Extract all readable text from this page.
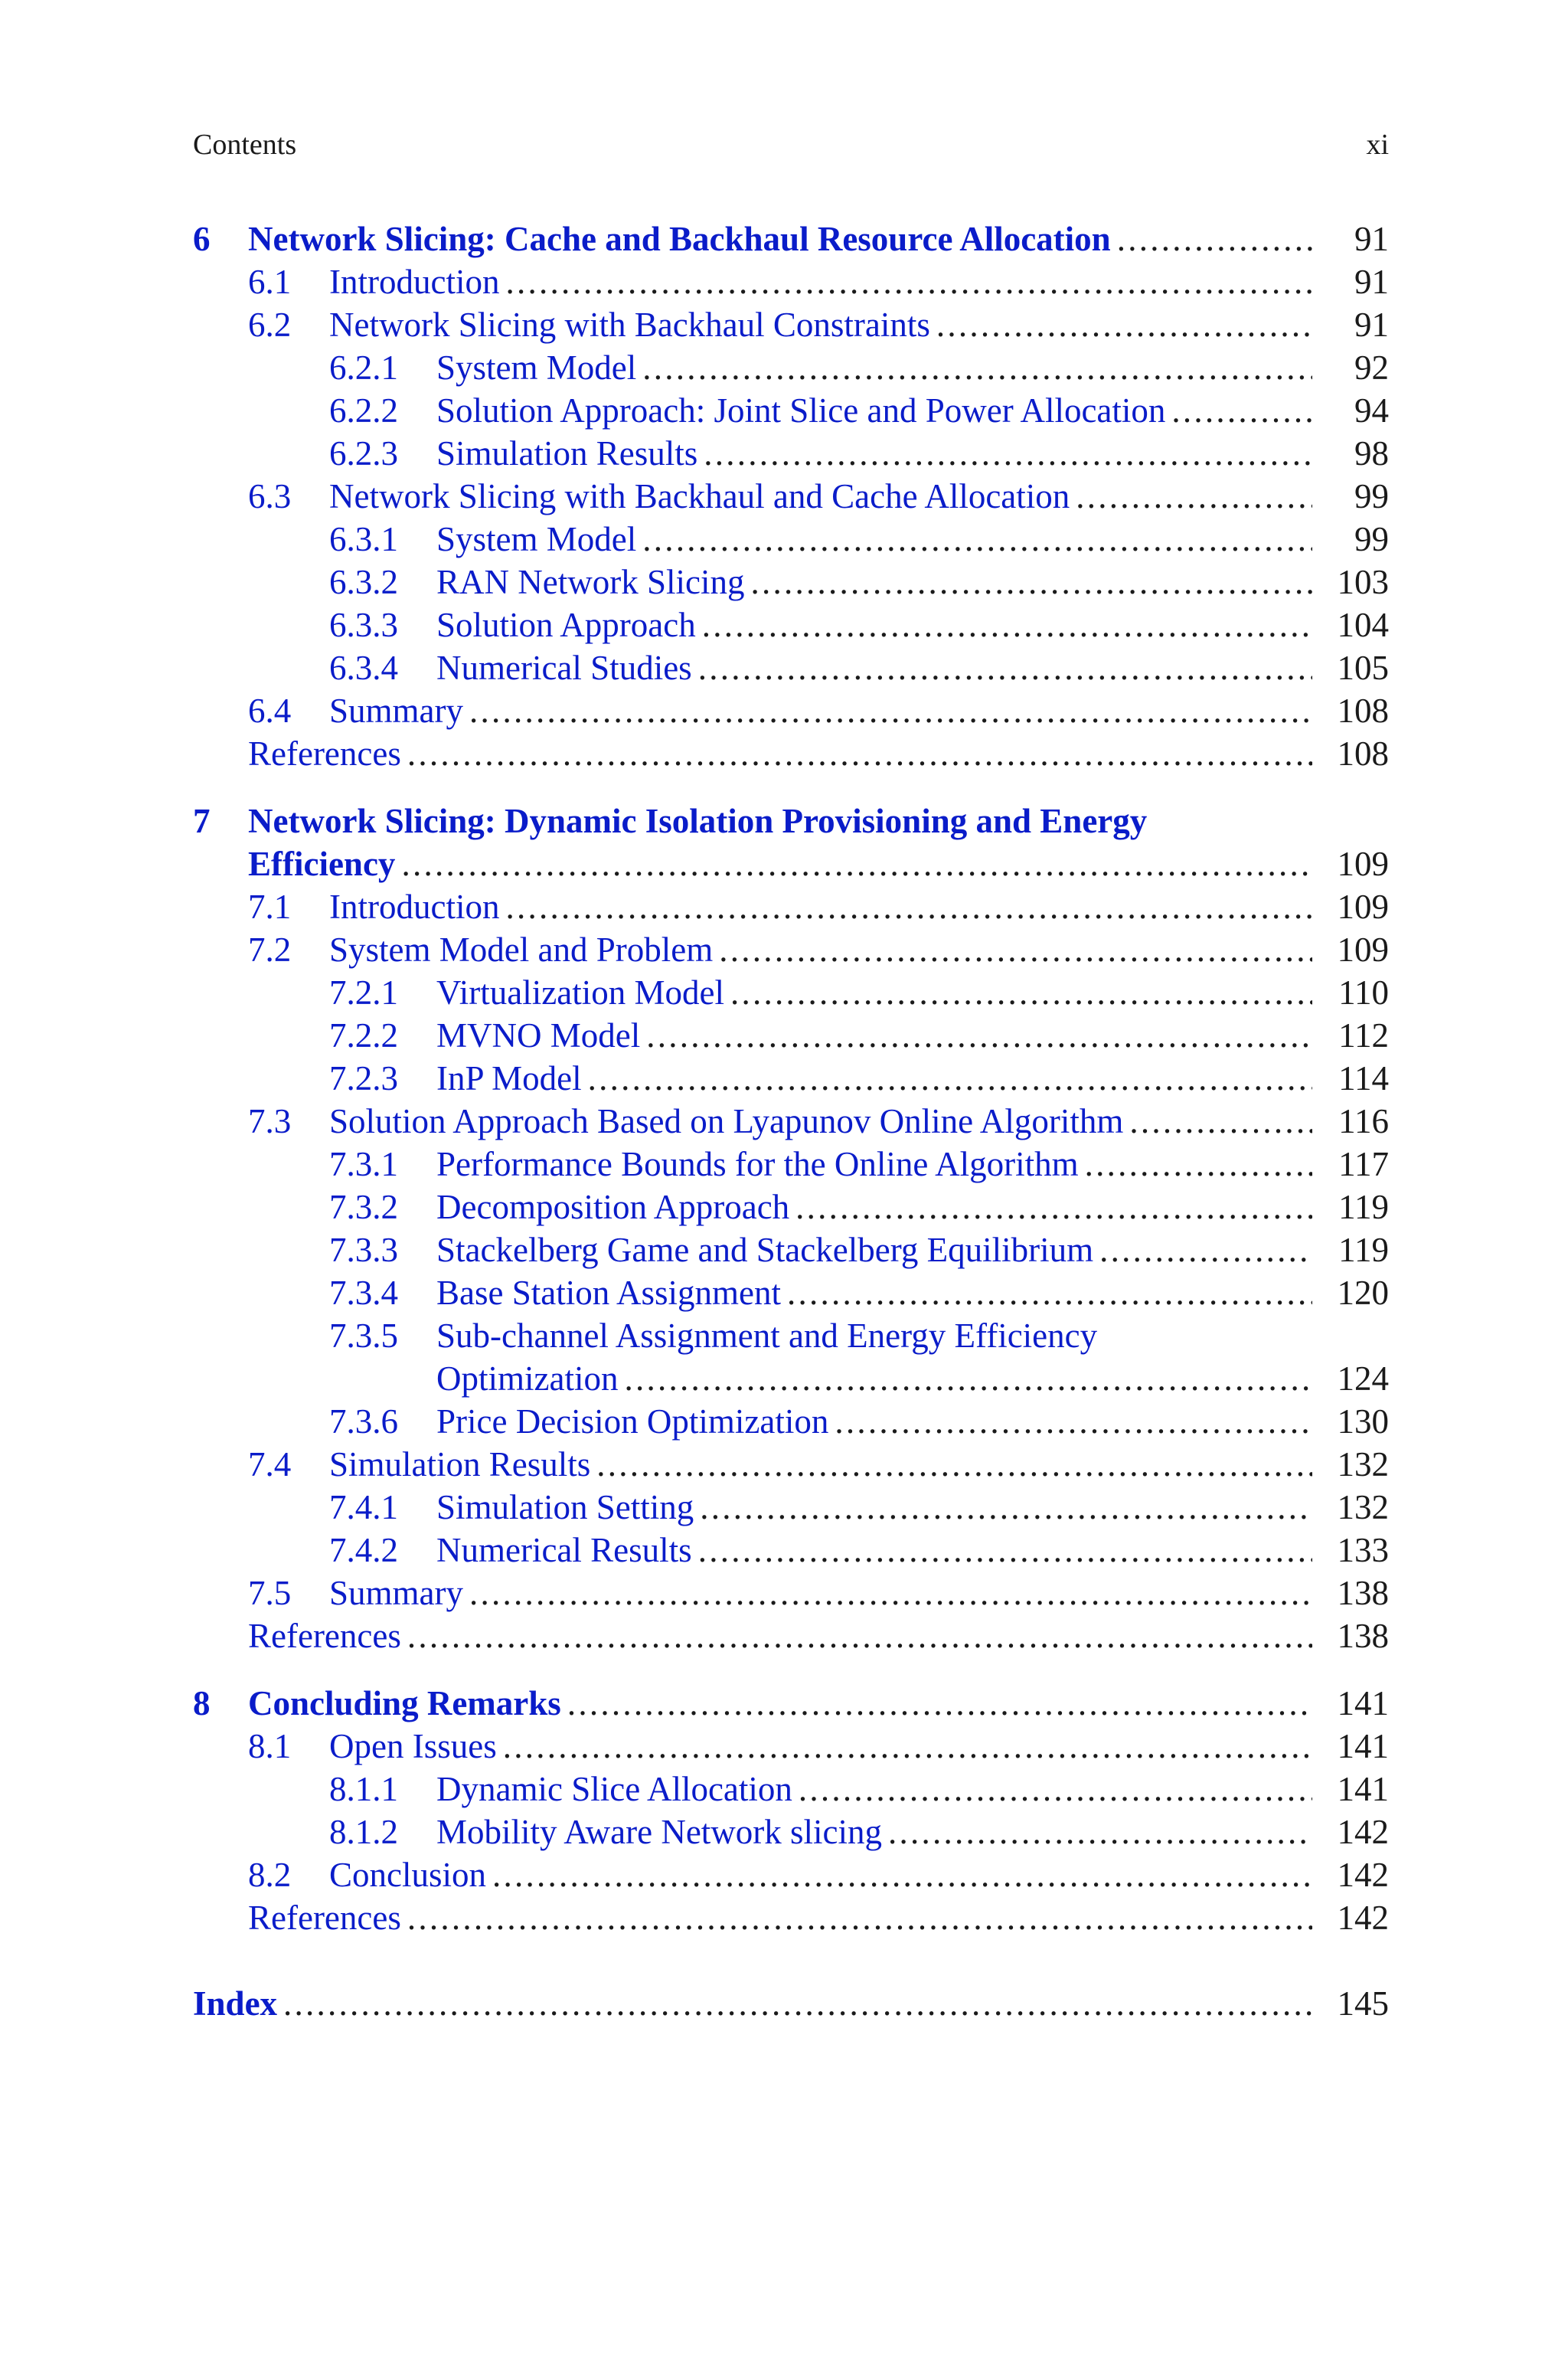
Contents	xi
6 Network Slicing: Cache and Backhaul Resource Allocation . . .	91
6.1 Introduction . . .	91
6.2 Network Slicing with Backhaul Constraints . . .	91
6.2.1 System Model . . .	92
6.2.2 Solution Approach: Joint Slice and Power Allocation . . .	94
6.2.3 Simulation Results . . .	98
6.3 Network Slicing with Backhaul and Cache Allocation . . .	99
6.3.1 System Model . . .	99
6.3.2 RAN Network Slicing . . .	103
6.3.3 Solution Approach . . .	104
6.3.4 Numerical Studies . . .	105
6.4 Summary . . .	108
References . . .	108
7 Network Slicing: Dynamic Isolation Provisioning and Energy
Efficiency . . .	109
7.1 Introduction . . .	109
7.2 System Model and Problem . . .	109
7.2.1 Virtualization Model . . .	110
7.2.2 MVNO Model . . .	112
7.2.3 InP Model . . .	114
7.3 Solution Approach Based on Lyapunov Online Algorithm . . .	116
7.3.1 Performance Bounds for the Online Algorithm . . .	117
7.3.2 Decomposition Approach . . .	119
7.3.3 Stackelberg Game and Stackelberg Equilibrium . . .	119
7.3.4 Base Station Assignment . . .	120
7.3.5 Sub-channel Assignment and Energy Efficiency
Optimization . . .	124
7.3.6 Price Decision Optimization . . .	130
7.4 Simulation Results . . .	132
7.4.1 Simulation Setting . . .	132
7.4.2 Numerical Results . . .	133
7.5 Summary . . .	138
References . . .	138
8 Concluding Remarks . . .	141
8.1 Open Issues . . .	141
8.1.1 Dynamic Slice Allocation . . .	141
8.1.2 Mobility Aware Network slicing . . .	142
8.2 Conclusion . . .	142
References . . .	142
Index . . .	145
